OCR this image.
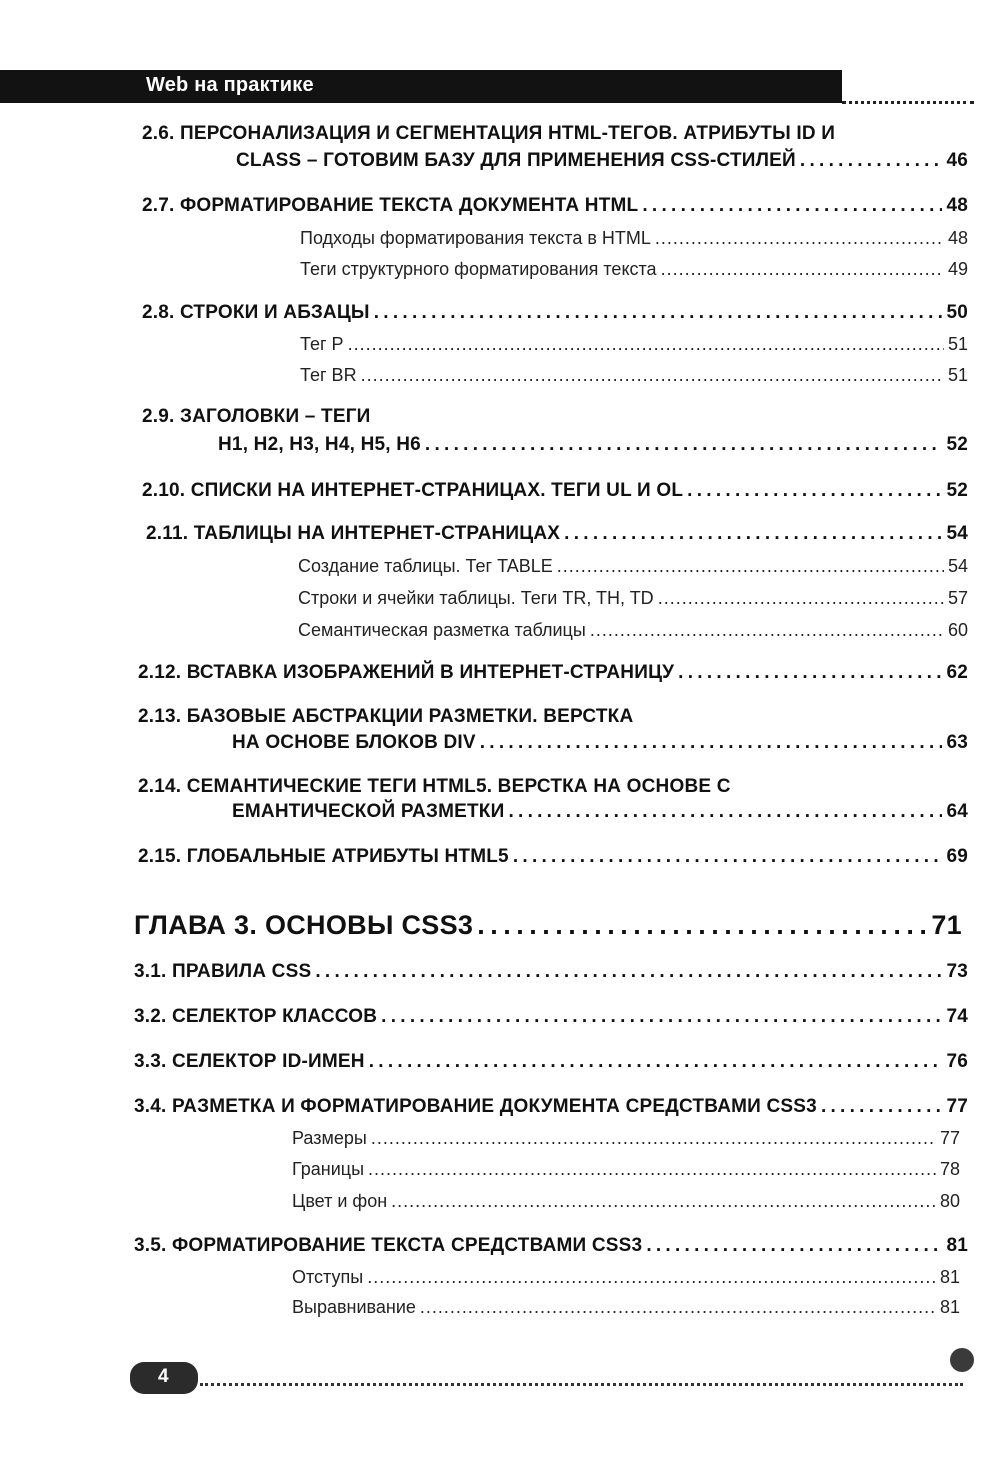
Web на практике
2.6. ПЕРСОНАЛИЗАЦИЯ И СЕГМЕНТАЦИЯ HTML-ТЕГОВ. АТРИБУТЫ ID И
CLASS – ГОТОВИМ БАЗУ ДЛЯ ПРИМЕНЕНИЯ CSS-СТИЛЕЙ . . .	46
2.7. ФОРМАТИРОВАНИЕ ТЕКСТА ДОКУМЕНТА HTML . . .	48
Подходы форматирования текста в HTML . . .	48
Теги структурного форматирования текста . . .	49
2.8. СТРОКИ И АБЗАЦЫ . . .	50
Тег P . . .	51
Тег BR . . .	51
2.9. ЗАГОЛОВКИ – ТЕГИ
H1, H2, H3, H4, H5, H6 . . .	52
2.10. СПИСКИ НА ИНТЕРНЕТ-СТРАНИЦАХ. ТЕГИ UL И OL . . .	52
2.11. ТАБЛИЦЫ НА ИНТЕРНЕТ-СТРАНИЦАХ . . .	54
Создание таблицы. Тег TABLE . . .	54
Строки и ячейки таблицы. Теги TR, TH, TD . . .	57
Семантическая разметка таблицы . . .	60
2.12. ВСТАВКА ИЗОБРАЖЕНИЙ В ИНТЕРНЕТ-СТРАНИЦУ . . .	62
2.13. БАЗОВЫЕ АБСТРАКЦИИ РАЗМЕТКИ. ВЕРСТКА
НА ОСНОВЕ БЛОКОВ DIV . . .	63
2.14. СЕМАНТИЧЕСКИЕ ТЕГИ HTML5. ВЕРСТКА НА ОСНОВЕ С
ЕМАНТИЧЕСКОЙ РАЗМЕТКИ . . .	64
2.15. ГЛОБАЛЬНЫЕ АТРИБУТЫ HTML5 . . .	69
ГЛАВА 3. ОСНОВЫ CSS3 . . .	71
3.1. ПРАВИЛА CSS . . .	73
3.2. СЕЛЕКТОР КЛАССОВ . . .	74
3.3. СЕЛЕКТОР ID-ИМЕН . . .	76
3.4. РАЗМЕТКА И ФОРМАТИРОВАНИЕ ДОКУМЕНТА СРЕДСТВАМИ CSS3 . . .	77
Размеры . . .	77
Границы . . .	78
Цвет и фон . . .	80
3.5. ФОРМАТИРОВАНИЕ ТЕКСТА СРЕДСТВАМИ CSS3 . . .	81
Отступы . . .	81
Выравнивание . . .	81
4
